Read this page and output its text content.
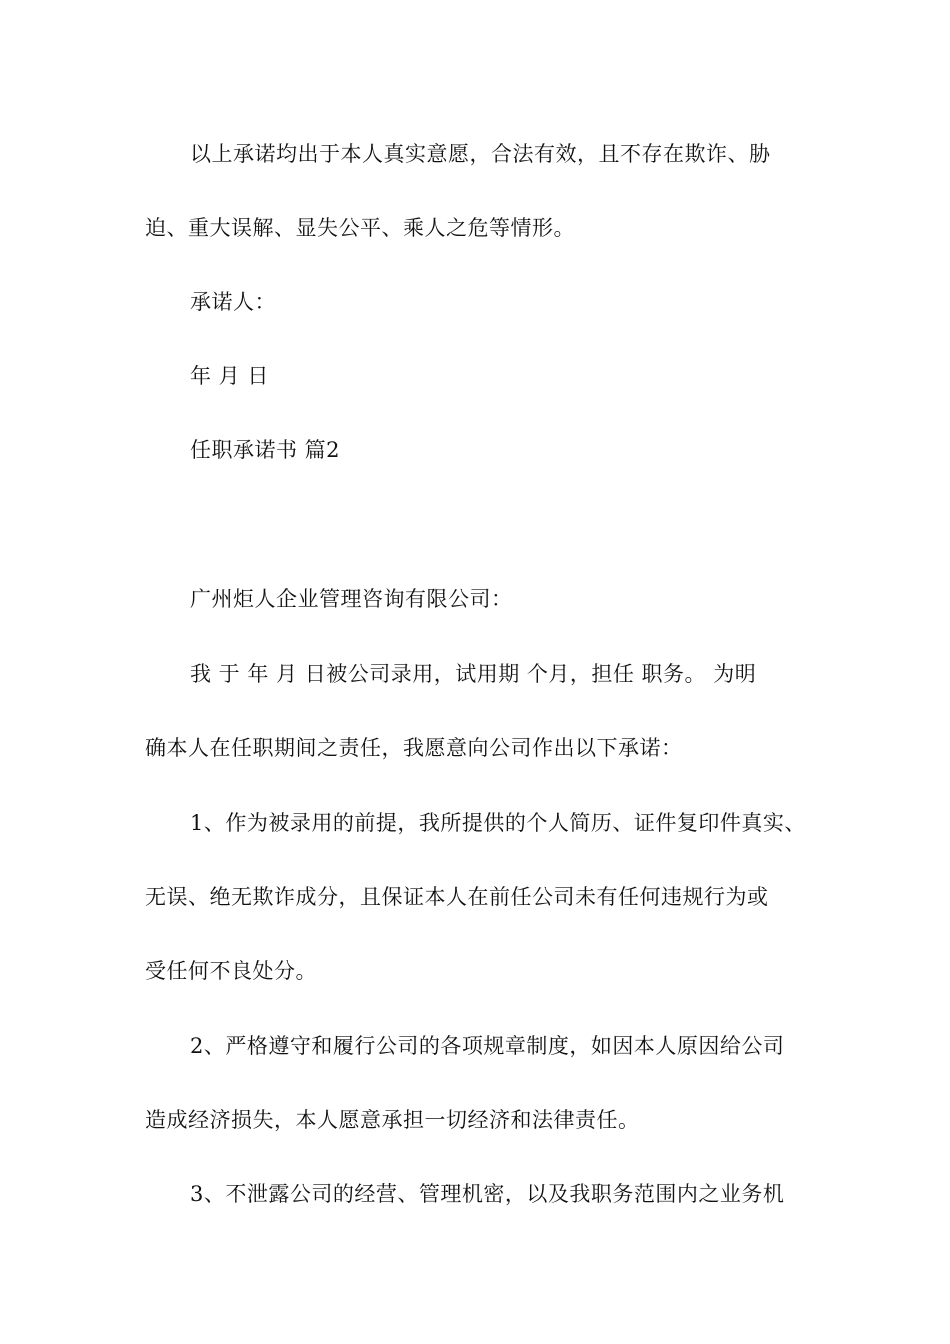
以上承诺均出于本人真实意愿，合法有效，且不存在欺诈、胁
迫、重大误解、显失公平、乘人之危等情形。
承诺人：
年 月 日
任职承诺书 篇2
广州炬人企业管理咨询有限公司：
我 于 年 月 日被公司录用，试用期 个月，担任 职务。 为明
确本人在任职期间之责任，我愿意向公司作出以下承诺：
1、作为被录用的前提，我所提供的个人简历、证件复印件真实、
无误、绝无欺诈成分，且保证本人在前任公司未有任何违规行为或
受任何不良处分。
2、严格遵守和履行公司的各项规章制度，如因本人原因给公司
造成经济损失，本人愿意承担一切经济和法律责任。
3、不泄露公司的经营、管理机密，以及我职务范围内之业务机
